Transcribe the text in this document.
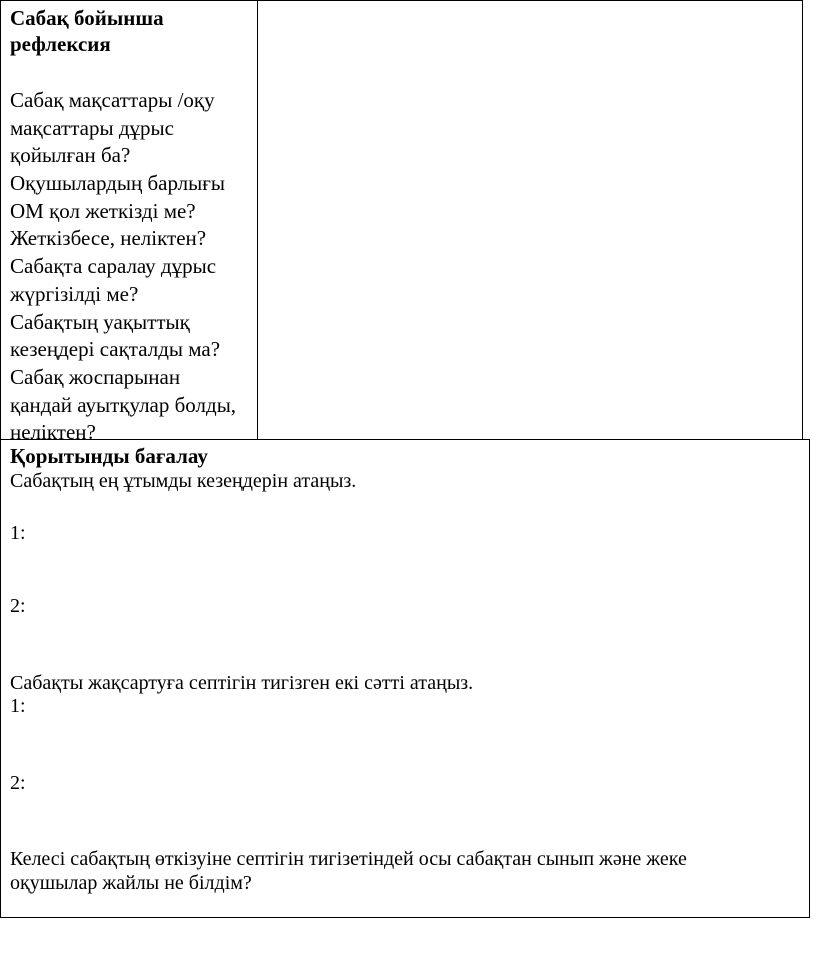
Сабақ бойынша
рефлексия
Сабақ мақсаттары /оқу
мақсаттары дұрыс
қойылған ба?
Оқушылардың барлығы
ОМ қол жеткізді ме?
Жеткізбесе, неліктен?
Сабақта саралау дұрыс
жүргізілді ме?
Сабақтың уақыттық
кезеңдері сақталды ма?
Сабақ жоспарынан
қандай ауытқулар болды,
неліктен?
Қорытынды бағалау
Сабақтың ең ұтымды кезеңдерін атаңыз.
1:
2:
Сабақты жақсартуға септігін тигізген екі сәтті атаңыз.
1:
2:
Келесі сабақтың өткізуіне септігін тигізетіндей осы сабақтан сынып және жеке
оқушылар жайлы не білдім?
